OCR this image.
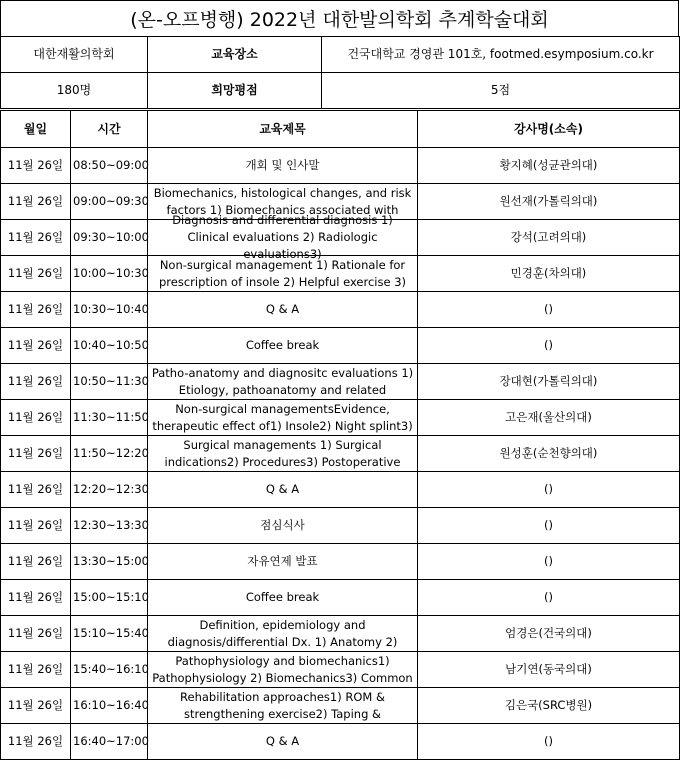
(온-오프병행) 2022년 대한발의학회 추계학술대회
대한재활의학회	교육장소	건국대학교 경영관 101호, footmed.esymposium.co.kr
180명	희망평점	5점
월일	시간	교육제목	강사명(소속)
11월 26일	08:50~09:00	개회 및 인사말	황지혜(성균관의대)
11월 26일	09:00~09:30	Biomechanics, histological changes, and risk factors 1) Biomechanics associated with	원선재(가톨릭의대)
11월 26일	09:30~10:00	Diagnosis and differential diagnosis 1) Clinical evaluations 2) Radiologic evaluations3)	강석(고려의대)
11월 26일	10:00~10:30	Non-surgical management 1) Rationale for prescription of insole 2) Helpful exercise 3)	민경훈(차의대)
11월 26일	10:30~10:40	Q & A	()
11월 26일	10:40~10:50	Coffee break	()
11월 26일	10:50~11:30	Patho-anatomy and diagnositc evaluations 1) Etiology, pathoanatomy and related	장대현(가톨릭의대)
11월 26일	11:30~11:50	Non-surgical managementsEvidence, therapeutic effect of1) Insole2) Night splint3)	고은재(울산의대)
11월 26일	11:50~12:20	Surgical managements 1) Surgical indications2) Procedures3) Postoperative	원성훈(순천향의대)
11월 26일	12:20~12:30	Q & A	()
11월 26일	12:30~13:30	점심식사	()
11월 26일	13:30~15:00	자유연제 발표	()
11월 26일	15:00~15:10	Coffee break	()
11월 26일	15:10~15:40	Definition, epidemiology and diagnosis/differential Dx. 1) Anatomy 2)	엄경은(건국의대)
11월 26일	15:40~16:10	Pathophysiology and biomechanics1) Pathophysiology 2) Biomechanics3) Common	남기연(동국의대)
11월 26일	16:10~16:40	Rehabilitation approaches1) ROM & strengthening exercise2) Taping &	김은국(SRC병원)
11월 26일	16:40~17:00	Q & A	()
